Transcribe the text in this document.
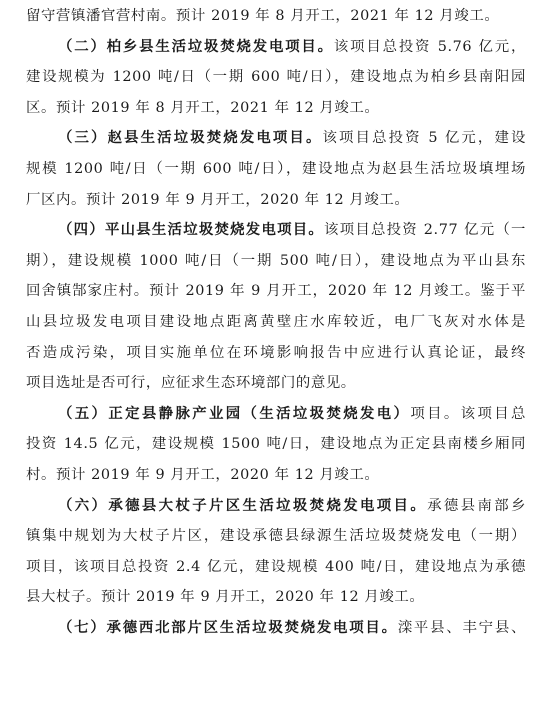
留守营镇潘官营村南。预计 2019 年 8 月开工，2021 年 12 月竣工。
（二）柏乡县生活垃圾焚烧发电项目。该项目总投资 5.76 亿元，
建设规模为 1200 吨/日（一期 600 吨/日），建设地点为柏乡县南阳园
区。预计 2019 年 8 月开工，2021 年 12 月竣工。
（三）赵县生活垃圾焚烧发电项目。该项目总投资 5 亿元，建设
规模 1200 吨/日（一期 600 吨/日），建设地点为赵县生活垃圾填埋场
厂区内。预计 2019 年 9 月开工，2020 年 12 月竣工。
（四）平山县生活垃圾焚烧发电项目。该项目总投资 2.77 亿元（一
期），建设规模 1000 吨/日（一期 500 吨/日），建设地点为平山县东
回舍镇郜家庄村。预计 2019 年 9 月开工，2020 年 12 月竣工。鉴于平
山县垃圾发电项目建设地点距离黄壁庄水库较近，电厂飞灰对水体是
否造成污染，项目实施单位在环境影响报告中应进行认真论证，最终
项目选址是否可行，应征求生态环境部门的意见。
（五）正定县静脉产业园（生活垃圾焚烧发电）项目。该项目总
投资 14.5 亿元，建设规模 1500 吨/日，建设地点为正定县南楼乡厢同
村。预计 2019 年 9 月开工，2020 年 12 月竣工。
（六）承德县大杖子片区生活垃圾焚烧发电项目。承德县南部乡
镇集中规划为大杖子片区，建设承德县绿源生活垃圾焚烧发电（一期）
项目，该项目总投资 2.4 亿元，建设规模 400 吨/日，建设地点为承德
县大杖子。预计 2019 年 9 月开工，2020 年 12 月竣工。
（七）承德西北部片区生活垃圾焚烧发电项目。滦平县、丰宁县、
